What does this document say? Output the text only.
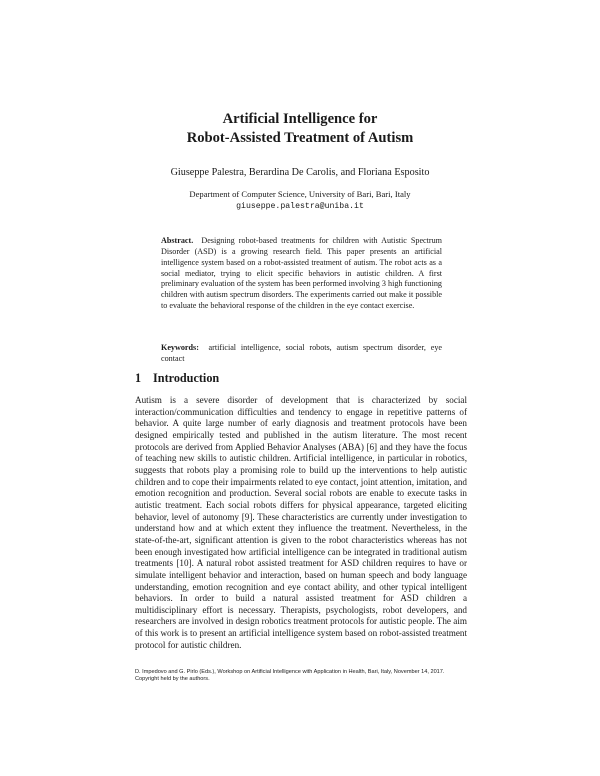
Artificial Intelligence for
Robot-Assisted Treatment of Autism
Giuseppe Palestra, Berardina De Carolis, and Floriana Esposito
Department of Computer Science, University of Bari, Bari, Italy
giuseppe.palestra@uniba.it
Abstract. Designing robot-based treatments for children with Autistic Spectrum Disorder (ASD) is a growing research field. This paper presents an artificial intelligence system based on a robot-assisted treatment of autism. The robot acts as a social mediator, trying to elicit specific behaviors in autistic children. A first preliminary evaluation of the system has been performed involving 3 high functioning children with autism spectrum disorders. The experiments carried out make it possible to evaluate the behavioral response of the children in the eye contact exercise.
Keywords: artificial intelligence, social robots, autism spectrum disorder, eye contact
1 Introduction
Autism is a severe disorder of development that is characterized by social interaction/communication difficulties and tendency to engage in repetitive patterns of behavior. A quite large number of early diagnosis and treatment protocols have been designed empirically tested and published in the autism literature. The most recent protocols are derived from Applied Behavior Analyses (ABA) [6] and they have the focus of teaching new skills to autistic children. Artificial intelligence, in particular in robotics, suggests that robots play a promising role to build up the interventions to help autistic children and to cope their impairments related to eye contact, joint attention, imitation, and emotion recognition and production. Several social robots are enable to execute tasks in autistic treatment. Each social robots differs for physical appearance, targeted eliciting behavior, level of autonomy [9]. These characteristics are currently under investigation to understand how and at which extent they influence the treatment. Nevertheless, in the state-of-the-art, significant attention is given to the robot characteristics whereas has not been enough investigated how artificial intelligence can be integrated in traditional autism treatments [10]. A natural robot assisted treatment for ASD children requires to have or simulate intelligent behavior and interaction, based on human speech and body language understanding, emotion recognition and eye contact ability, and other typical intelligent behaviors. In order to build a natural assisted treatment for ASD children a multidisciplinary effort is necessary. Therapists, psychologists, robot developers, and researchers are involved in design robotics treatment protocols for autistic people. The aim of this work is to present an artificial intelligence system based on robot-assisted treatment protocol for autistic children.
D. Impedovo and G. Pirlo (Eds.), Workshop on Artificial Intelligence with Application in Health, Bari, Italy, November 14, 2017.
Copyright held by the authors.
